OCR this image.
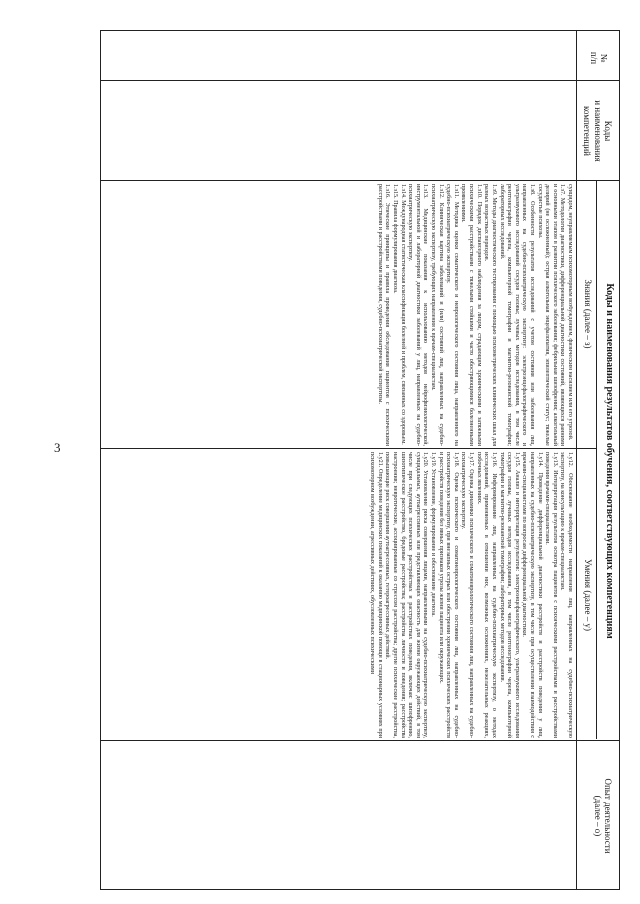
3
№
п/п
Коды
и наименования
компетенций
Коды и наименования результатов обучения, соответствующих компетенциям
Знания (далее – з)
Умения (далее – у)
Опыт деятельности
(далее – о)

суицидом, неуправляемым психомоторным возбуждением, физическим насилием или его угрозой.

1.з7. Методология диагностики, дифференциальной диагностики состояний, являющихся ранними и основными этапом в развитии психического заболевания; фебрильная шизофрения; алкогольный делирий (не осложненный); острая алкогольная энцефалопатия, эпилептический статус; тяжелые сосудистые психозы.

1.з8. Особенности результатов исследований с учетом состояния или заболевания лиц, направленных на судебно-психиатрическую экспертизу: электроэнцефалографического и ультразвукового исследований сосудов головы; лучевых методов исследования, в том числе рентгенографии черепа, компьютерной томографии и магнитно-резонансной томографии; лабораторных исследований.

1.з9. Методы диагностического тестирования с помощью психометрических клинических шкал для разных возрастных периодов.

1.з10. Порядок диспансерного наблюдения за лицом, страдающим хроническими и затяжными психическими расстройствами с тяжелыми стойкими и часто обостряющимися болезненными проявлениями.

1.з11. Методика оценки соматического и неврологического состояния лица, направленного на судебно-психиатрическую экспертизу.

1.з12. Клиническая картина заболеваний и (или) состояний лиц, направленных на судебно-психиатрическую экспертизу, требующих направления к врачам-специалистам.

1.з13. Медицинские показания к использованию методов нейрофизиологической, инструментальной и лабораторной диагностики заболеваний у лиц, направленных на судебно-психиатрическую экспертизу.

1.з14. Международная статистическая классификация болезней и проблем, связанных со здоровьем.

1.з15. Правила формулирования диагноза.

1.з16. Этические принципы и правила проведения обследования пациентов с психическими расстройствами и расстройствами поведения, судебно-психиатрической экспертизы.

1.у12. Обоснование необходимости направления лиц, направленных на судебно-психиатрическую экспертизу, на консультацию к врачам-специалистам.

1.у13. Интерпретация результатов осмотра пациентов с психическими расстройствами и расстройствами поведения врачами-специалистами.

1.у14. Проведение дифференциальной диагностики расстройств и расстройств поведения у лиц, направленных на судебно-психиатрическую экспертизу, в том числе при осуществлении взаимодействия с врачами-специалистами по вопросам дифференциальной диагностики.

1.у15. Анализ и интерпретация результатов: электроэнцефалографического, ультразвукового исследования сосудов головы, лучевых методов исследования, в том числе рентгенографии черепа, компьютерной томографии и магнитно-резонансной томографии; лабораторных методов исследования.

1.у16. Информирование лиц, направленных на судебно-психиатрическую экспертизу, о методах исследований, применяемых в отношении них, возможных осложнениях, нежелательных реакциях, побочных явлениях.

1.у17. Оценка динамики психического и соматоневрологического состояния лиц, направленных на судебно-психиатрическую экспертизу.

1.у18. Оценка психического и соматоневрологического состояния лиц, направленных на судебно-психиатрическую экспертизу, при внезапных острых или обострении хронических психических расстройств и расстройств поведения без явных признаков угрозы жизни пациента или окружающих.

1.у19. Установление, формулирование и обоснование диагноза.

1.у20. Установление риска совершения лицами, направленными на судебно-психиатрическую экспертизу, суицидальных, аутоагрессивных или представляющих опасность для жизни окружающих действий, в том числе при следующих психических расстройствах и расстройствах поведения, включая: шизофрению, шизотипическое расстройство, бредовые расстройства; расстройства личности и поведения; расстройства настроения; невротические, ассоциированные со стрессом расстройства; другие психические расстройства, повышающие риск совершения аутоагрессивных, гетероагрессивных действий.

1.у21. Определение медицинских показаний к оказанию медицинской помощи в стационарных условиях при психомоторном возбуждении, агрессивных действиях, обусловленных психическими
